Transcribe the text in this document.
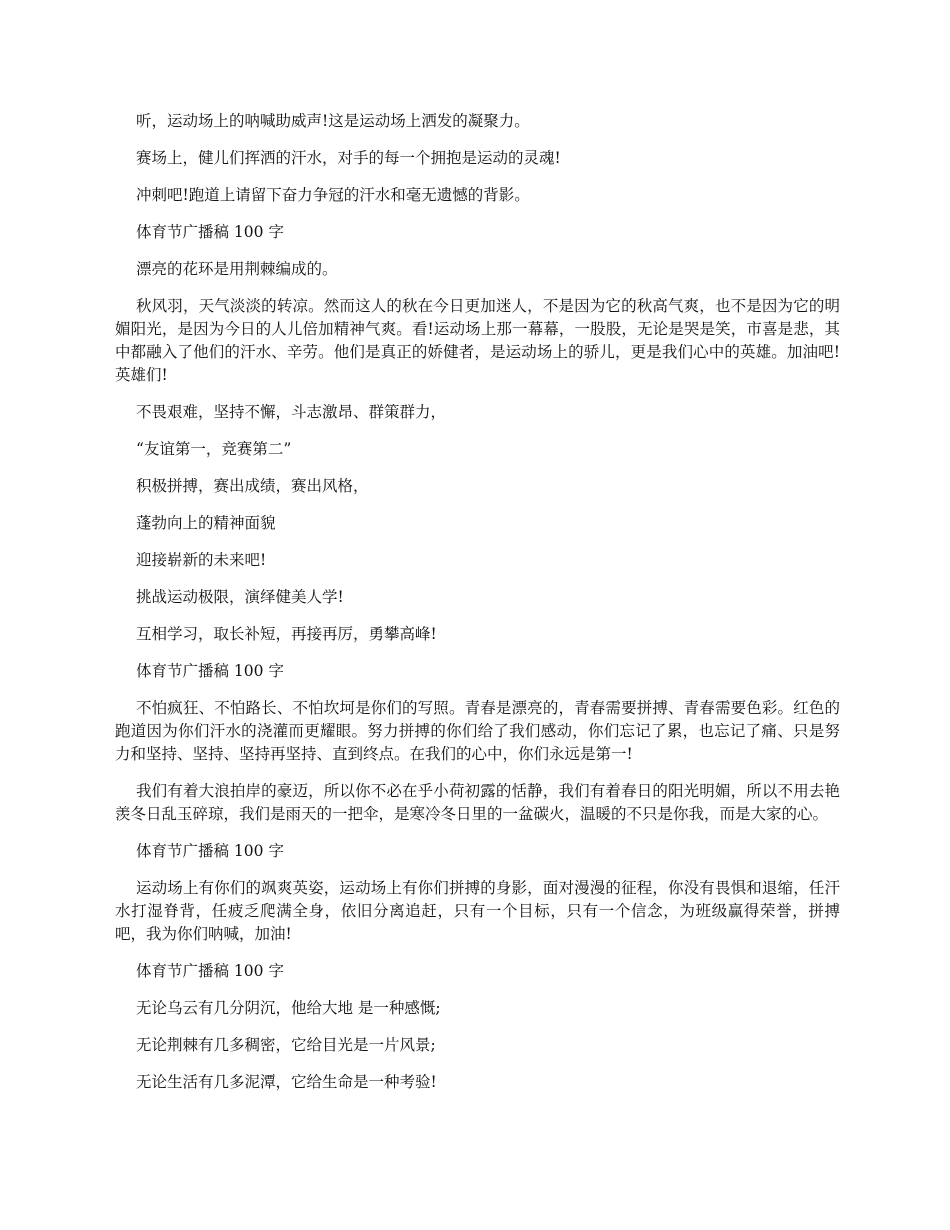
听，运动场上的呐喊助威声!这是运动场上洒发的凝聚力。

赛场上，健儿们挥洒的汗水，对手的每一个拥抱是运动的灵魂!

冲刺吧!跑道上请留下奋力争冠的汗水和毫无遗憾的背影。

体育节广播稿 100 字

漂亮的花环是用荆棘编成的。

秋风羽，天气淡淡的转凉。然而这人的秋在今日更加迷人，不是因为它的秋高气爽，也不是因为它的明媚阳光，是因为今日的人儿倍加精神气爽。看!运动场上那一幕幕，一股股，无论是哭是笑，市喜是悲，其中都融入了他们的汗水、辛劳。他们是真正的娇健者，是运动场上的骄儿，更是我们心中的英雄。加油吧!英雄们!

不畏艰难，坚持不懈，斗志激昂、群策群力，

“友谊第一，竞赛第二”

积极拼搏，赛出成绩，赛出风格，

蓬勃向上的精神面貌

迎接崭新的未来吧!

挑战运动极限，演绎健美人学!

互相学习，取长补短，再接再厉，勇攀高峰!

体育节广播稿 100 字

不怕疯狂、不怕路长、不怕坎坷是你们的写照。青春是漂亮的，青春需要拼搏、青春需要色彩。红色的跑道因为你们汗水的浇灌而更耀眼。努力拼搏的你们给了我们感动，你们忘记了累，也忘记了痛、只是努力和坚持、坚持、坚持再坚持、直到终点。在我们的心中，你们永远是第一!

我们有着大浪拍岸的豪迈，所以你不必在乎小荷初露的恬静，我们有着春日的阳光明媚，所以不用去艳羡冬日乱玉碎琼，我们是雨天的一把伞，是寒冷冬日里的一盆碳火，温暖的不只是你我，而是大家的心。

体育节广播稿 100 字

运动场上有你们的飒爽英姿，运动场上有你们拼搏的身影，面对漫漫的征程，你没有畏惧和退缩，任汗水打湿脊背，任疲乏爬满全身，依旧分离追赶，只有一个目标，只有一个信念，为班级赢得荣誉，拼搏吧，我为你们呐喊，加油!

体育节广播稿 100 字

无论乌云有几分阴沉，他给大地 是一种感慨;

无论荆棘有几多稠密，它给目光是一片风景;

无论生活有几多泥潭，它给生命是一种考验!
